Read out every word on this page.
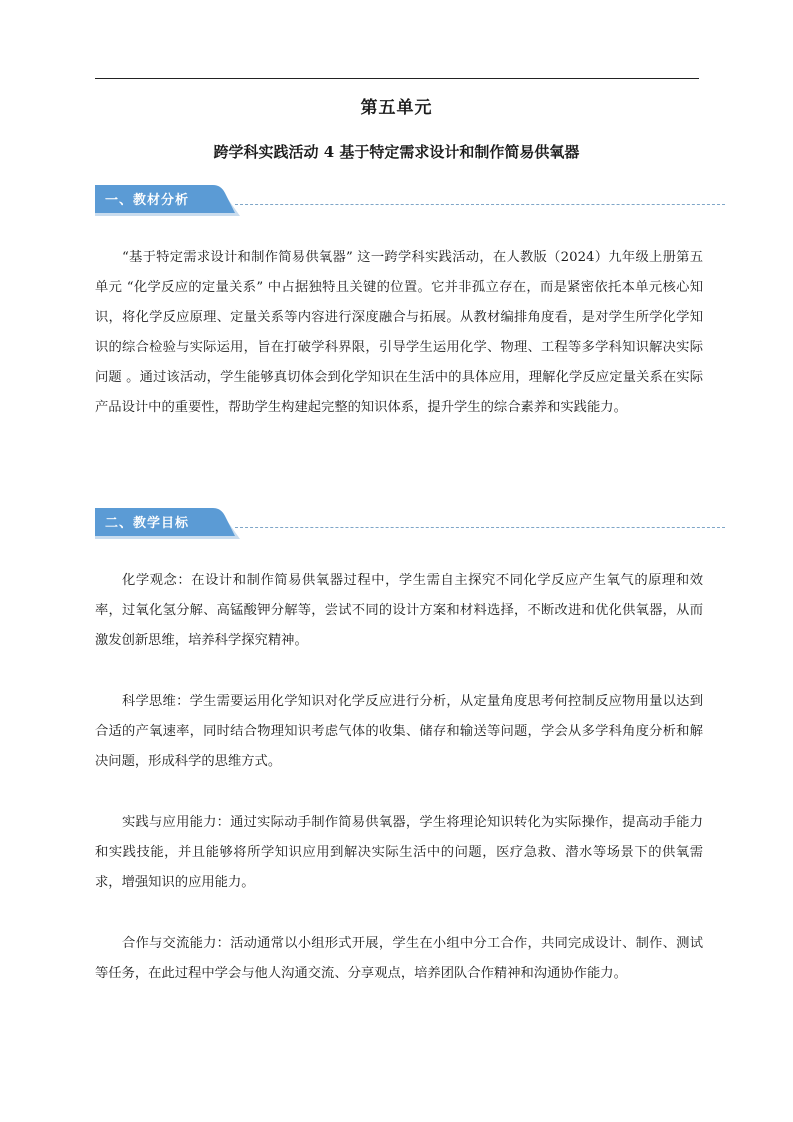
第五单元
跨学科实践活动 4 基于特定需求设计和制作简易供氧器
一、教材分析

“基于特定需求设计和制作简易供氧器” 这一跨学科实践活动，在人教版（2024）九年级上册第五单元 “化学反应的定量关系” 中占据独特且关键的位置。它并非孤立存在，而是紧密依托本单元核心知识，将化学反应原理、定量关系等内容进行深度融合与拓展。从教材编排角度看，是对学生所学化学知识的综合检验与实际运用，旨在打破学科界限，引导学生运用化学、物理、工程等多学科知识解决实际问题 。通过该活动，学生能够真切体会到化学知识在生活中的具体应用，理解化学反应定量关系在实际产品设计中的重要性，帮助学生构建起完整的知识体系，提升学生的综合素养和实践能力。

二、教学目标

化学观念：在设计和制作简易供氧器过程中，学生需自主探究不同化学反应产生氧气的原理和效率，过氧化氢分解、高锰酸钾分解等，尝试不同的设计方案和材料选择，不断改进和优化供氧器，从而激发创新思维，培养科学探究精神。

科学思维：学生需要运用化学知识对化学反应进行分析，从定量角度思考何控制反应物用量以达到合适的产氧速率，同时结合物理知识考虑气体的收集、储存和输送等问题，学会从多学科角度分析和解决问题，形成科学的思维方式。

实践与应用能力：通过实际动手制作简易供氧器，学生将理论知识转化为实际操作，提高动手能力和实践技能，并且能够将所学知识应用到解决实际生活中的问题，医疗急救、潜水等场景下的供氧需求，增强知识的应用能力。

合作与交流能力：活动通常以小组形式开展，学生在小组中分工合作，共同完成设计、制作、测试等任务，在此过程中学会与他人沟通交流、分享观点，培养团队合作精神和沟通协作能力。
